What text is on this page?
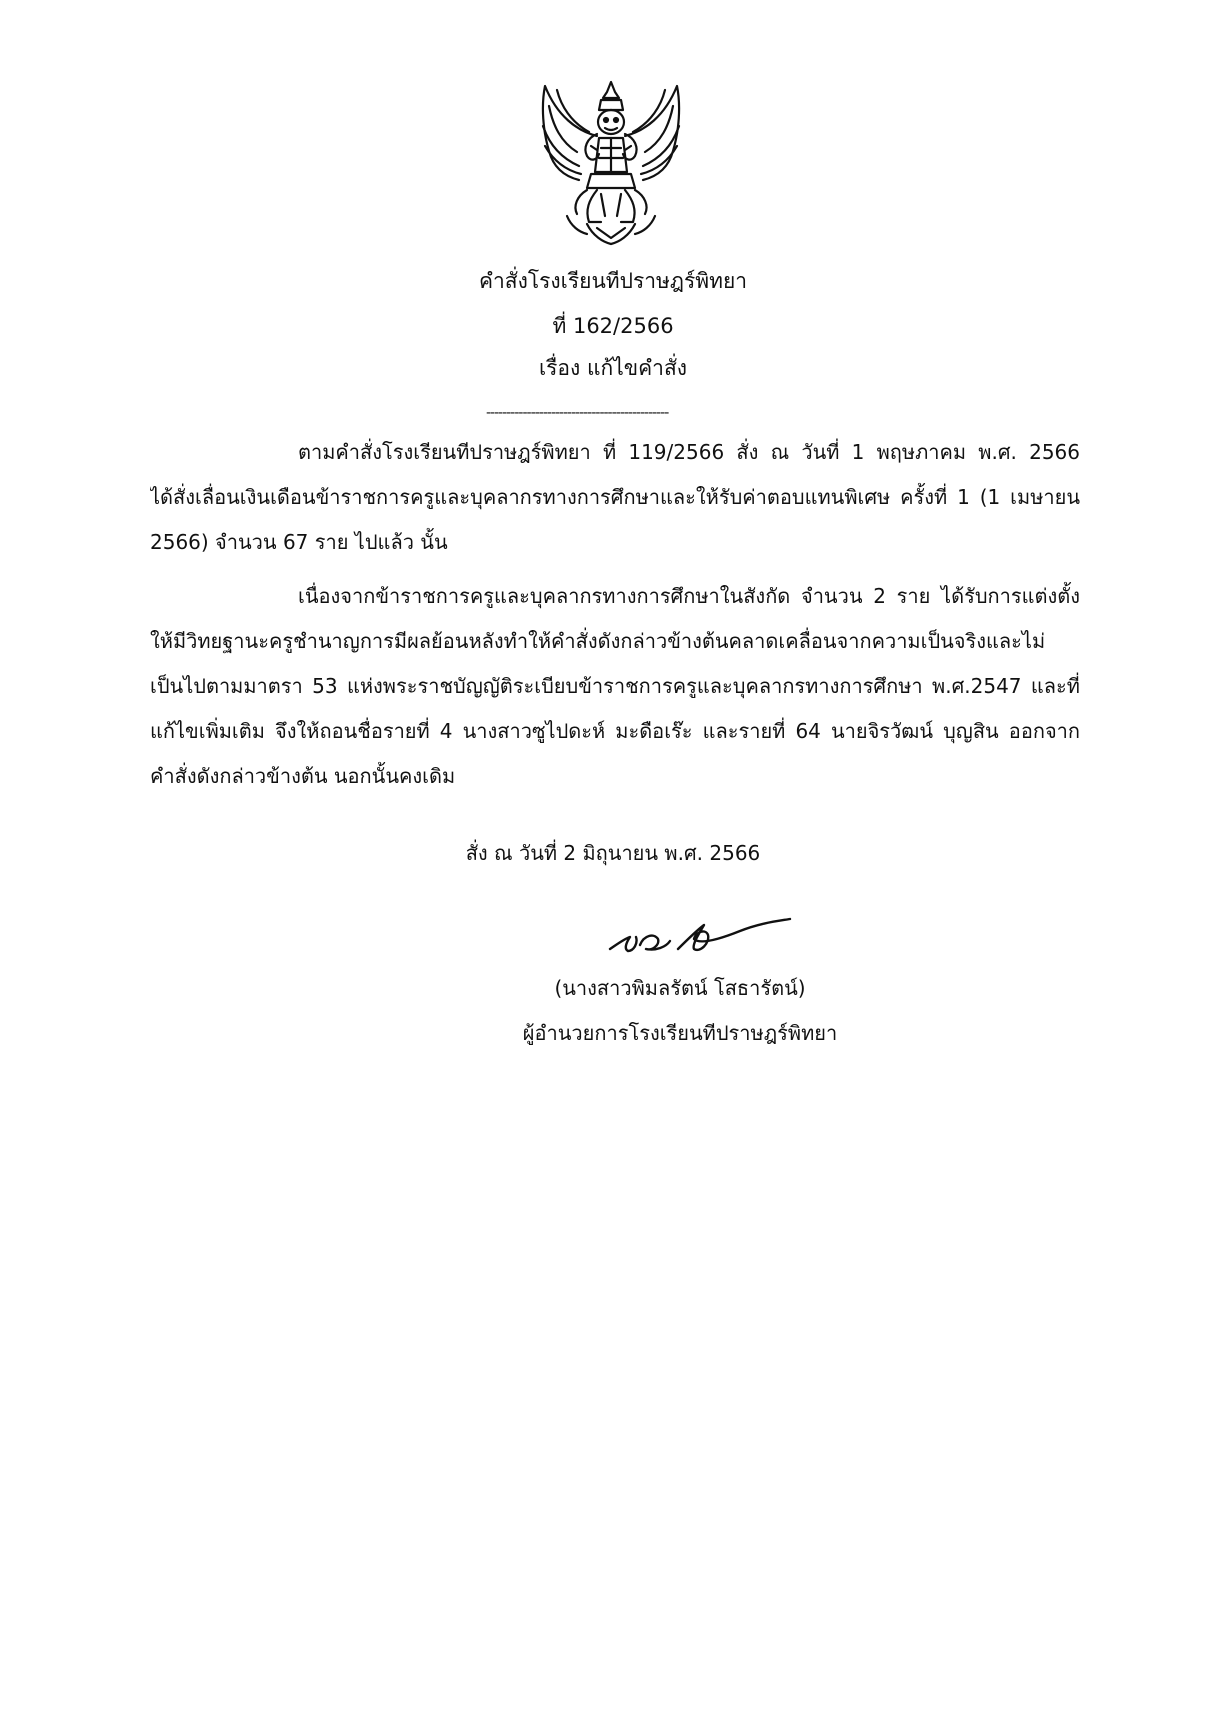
คำสั่งโรงเรียนทีปราษฎร์พิทยา
ที่ 162/2566
เรื่อง แก้ไขคำสั่ง
---------------------------------------------
ตามคำสั่งโรงเรียนทีปราษฎร์พิทยา ที่ 119/2566 สั่ง ณ วันที่ 1 พฤษภาคม พ.ศ. 2566
ได้สั่งเลื่อนเงินเดือนข้าราชการครูและบุคลากรทางการศึกษาและให้รับค่าตอบแทนพิเศษ ครั้งที่ 1 (1 เมษายน
2566) จำนวน 67 ราย ไปแล้ว นั้น
เนื่องจากข้าราชการครูและบุคลากรทางการศึกษาในสังกัด จำนวน 2 ราย ได้รับการแต่งตั้ง
ให้มีวิทยฐานะครูชำนาญการมีผลย้อนหลังทำให้คำสั่งดังกล่าวข้างต้นคลาดเคลื่อนจากความเป็นจริงและไม่
เป็นไปตามมาตรา 53 แห่งพระราชบัญญัติระเบียบข้าราชการครูและบุคลากรทางการศึกษา พ.ศ.2547 และที่
แก้ไขเพิ่มเติม จึงให้ถอนชื่อรายที่ 4 นางสาวซูไปดะห์ มะดือเร๊ะ และรายที่ 64 นายจิรวัฒน์ บุญสิน ออกจาก
คำสั่งดังกล่าวข้างต้น นอกนั้นคงเดิม
สั่ง ณ วันที่ 2 มิถุนายน พ.ศ. 2566
(นางสาวพิมลรัตน์ โสธารัตน์)
ผู้อำนวยการโรงเรียนทีปราษฎร์พิทยา
